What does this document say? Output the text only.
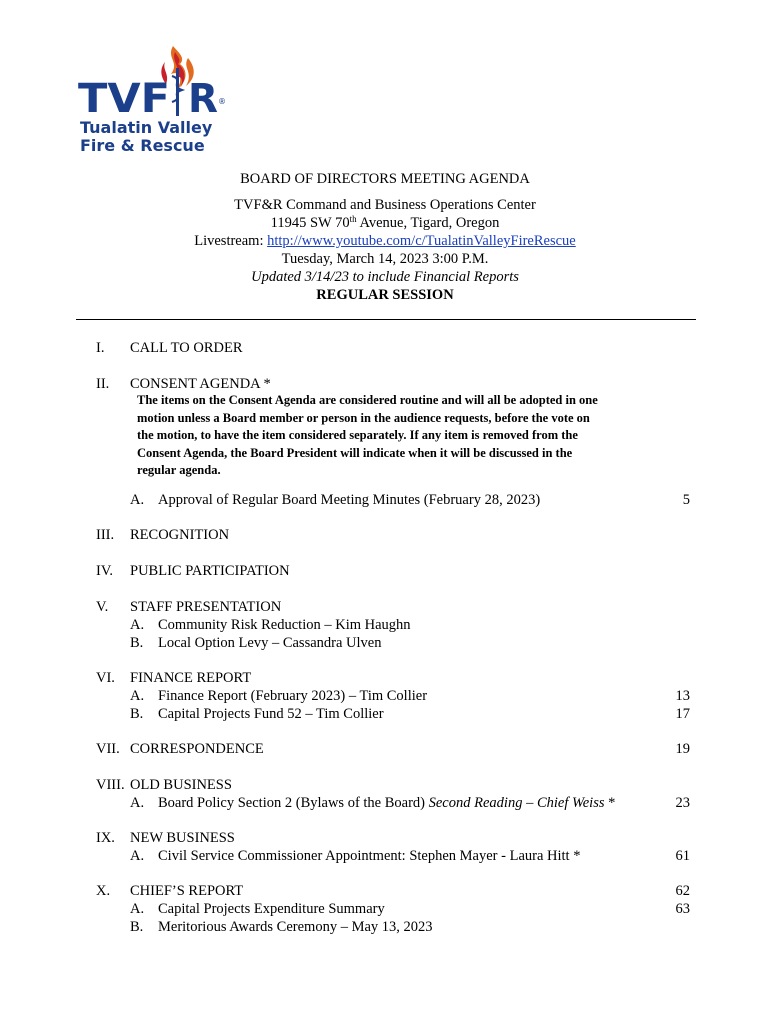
TVF R ®
Tualatin Valley
Fire & Rescue
BOARD OF DIRECTORS MEETING AGENDA
TVF&R Command and Business Operations Center
11945 SW 70th Avenue, Tigard, Oregon
Livestream: http://www.youtube.com/c/TualatinValleyFireRescue
Tuesday, March 14, 2023 3:00 P.M.
Updated 3/14/23 to include Financial Reports
REGULAR SESSION
I. CALL TO ORDER
II. CONSENT AGENDA *
The items on the Consent Agenda are considered routine and will all be adopted in one
motion unless a Board member or person in the audience requests, before the vote on
the motion, to have the item considered separately. If any item is removed from the
Consent Agenda, the Board President will indicate when it will be discussed in the
regular agenda.
A. Approval of Regular Board Meeting Minutes (February 28, 2023)	5
III. RECOGNITION
IV. PUBLIC PARTICIPATION
V. STAFF PRESENTATION
A. Community Risk Reduction – Kim Haughn
B. Local Option Levy – Cassandra Ulven
VI. FINANCE REPORT
A. Finance Report (February 2023) – Tim Collier	13
B. Capital Projects Fund 52 – Tim Collier	17
VII. CORRESPONDENCE	19
VIII. OLD BUSINESS
A. Board Policy Section 2 (Bylaws of the Board) Second Reading – Chief Weiss *	23
IX. NEW BUSINESS
A. Civil Service Commissioner Appointment: Stephen Mayer - Laura Hitt *	61
X. CHIEF’S REPORT	62
A. Capital Projects Expenditure Summary	63
B. Meritorious Awards Ceremony – May 13, 2023
